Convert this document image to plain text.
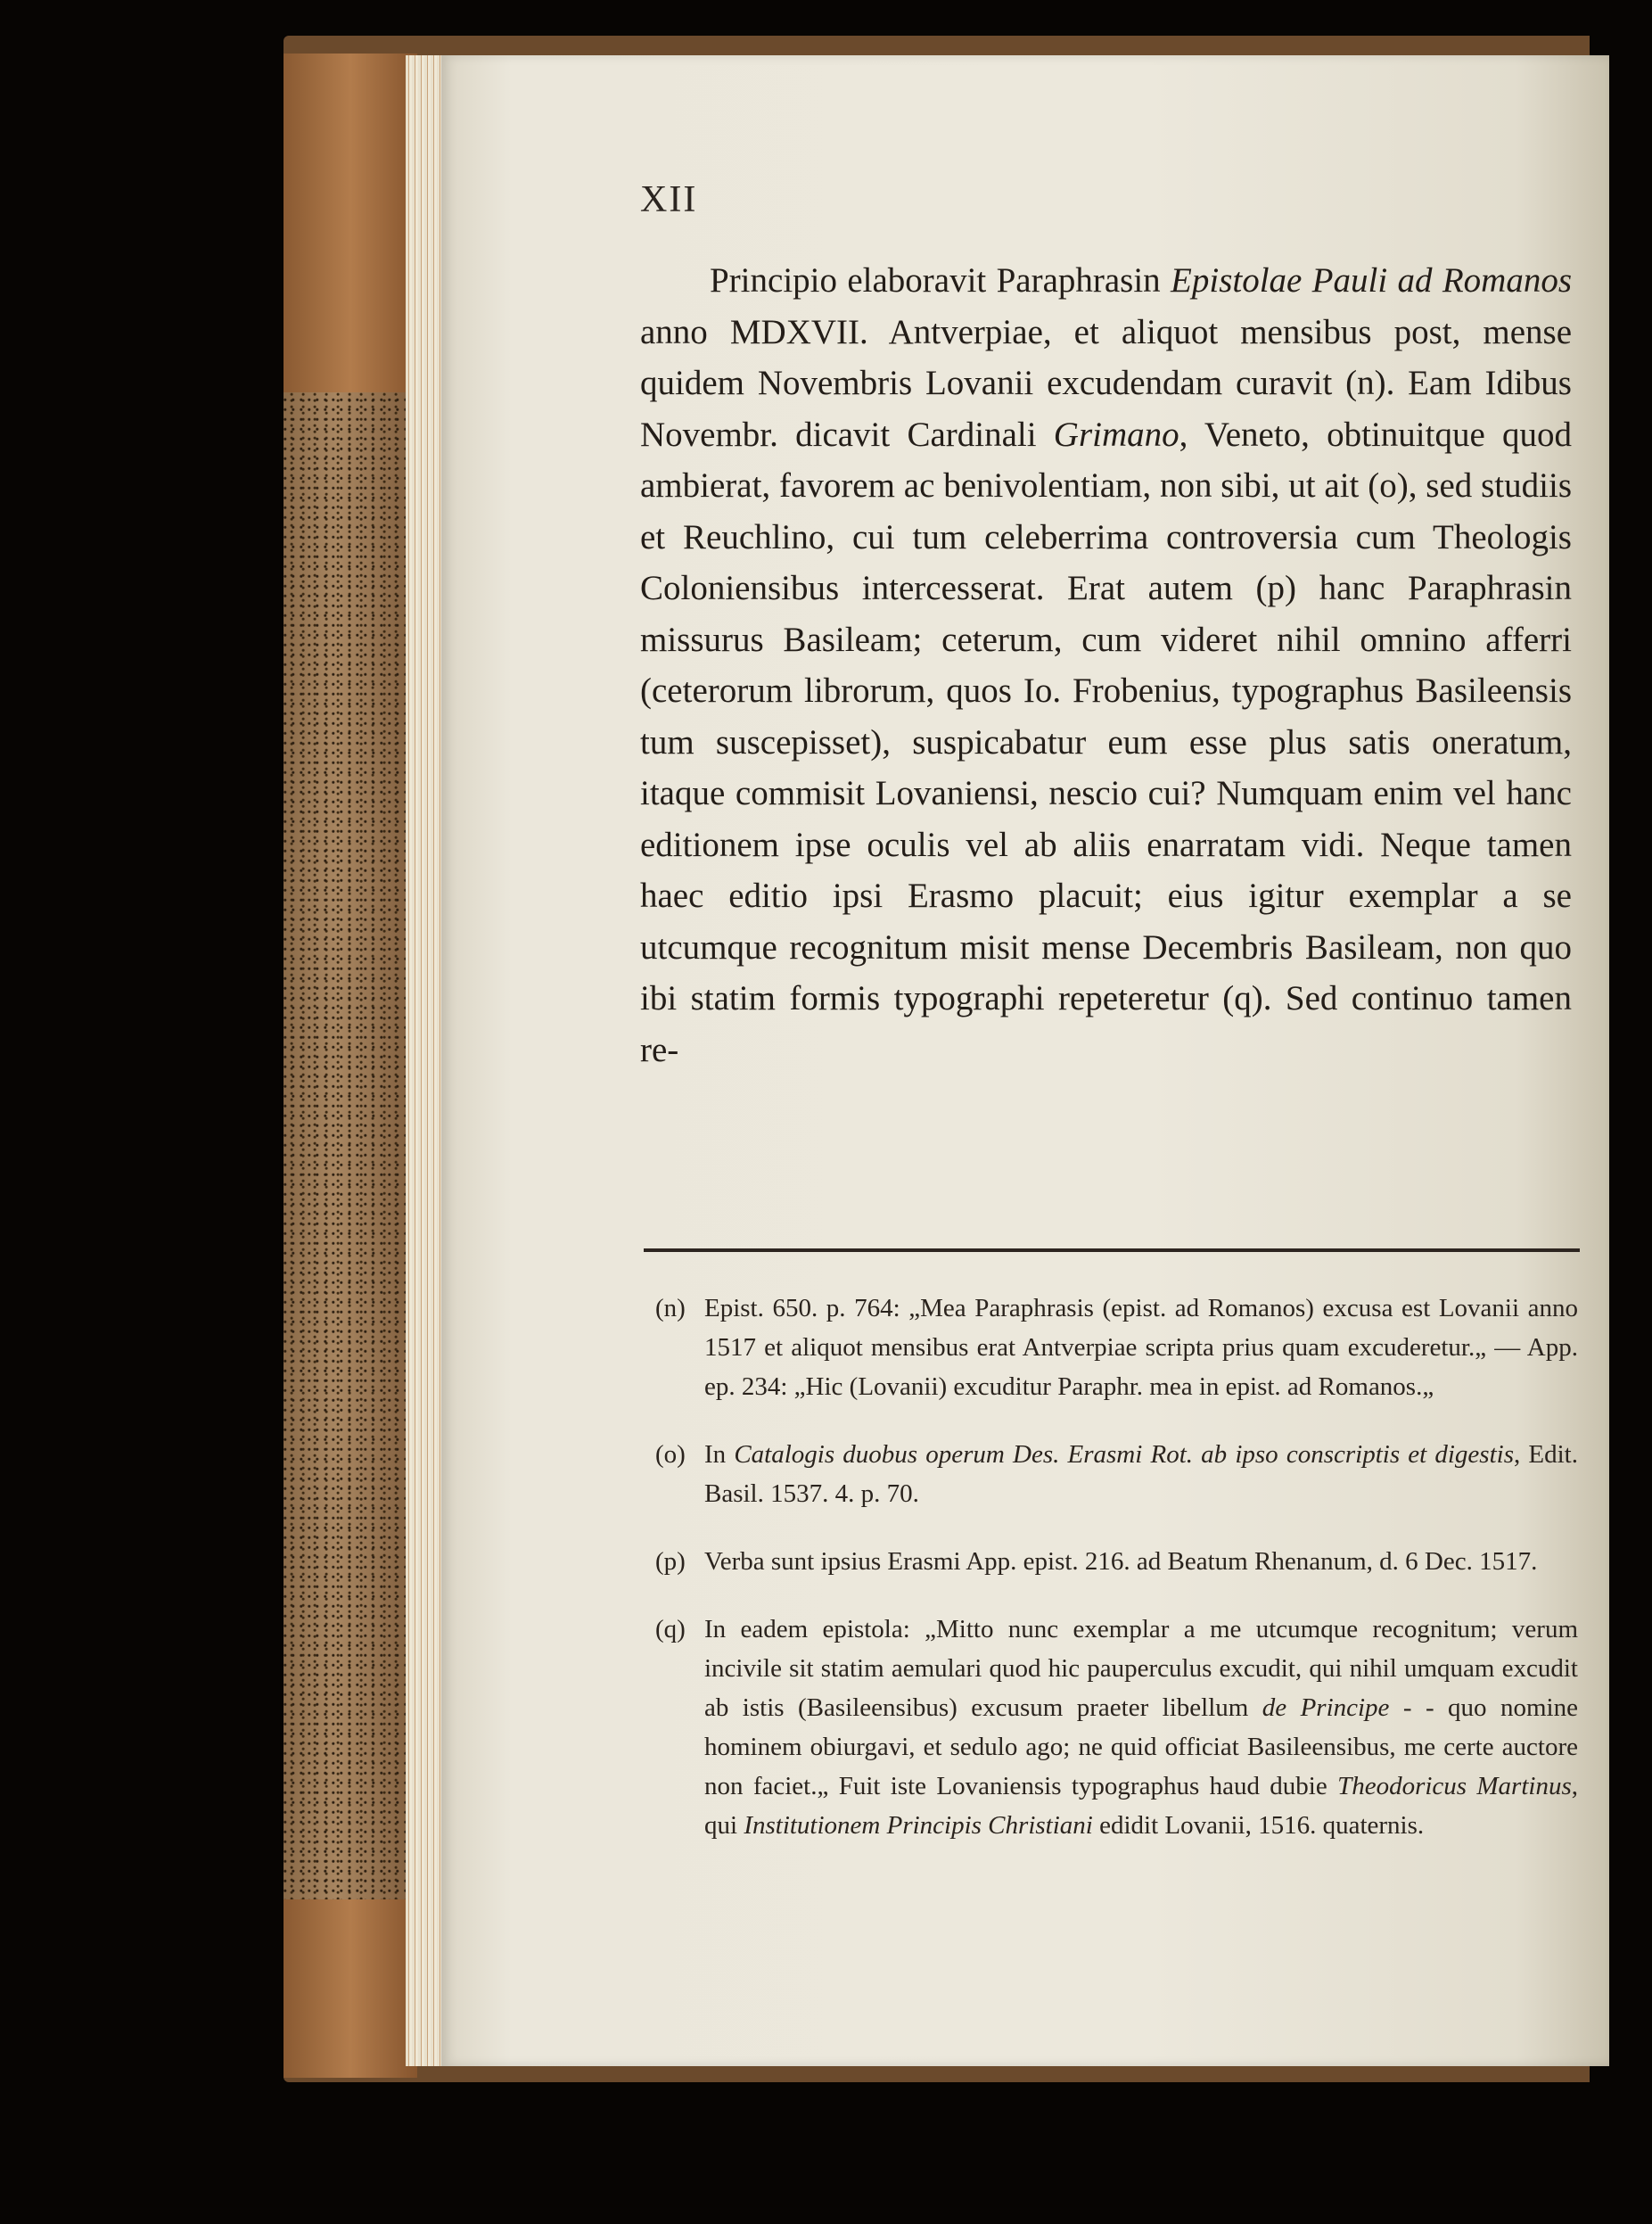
XII

Principio elaboravit Paraphrasin Epistolae Pauli ad Romanos anno MDXVII. Antverpiae, et aliquot mensibus post, mense quidem Novembris Lovanii excudendam curavit (n). Eam Idibus Novembr. dicavit Cardinali Grimano, Veneto, obtinuitque quod ambierat, favorem ac benivolentiam, non sibi, ut ait (o), sed studiis et Reuchlino, cui tum celeberrima controversia cum Theologis Coloniensibus intercesserat. Erat autem (p) hanc Paraphrasin missurus Basileam; ceterum, cum videret nihil omnino afferri (ceterorum librorum, quos Io. Frobenius, typographus Basileensis tum suscepisset), suspicabatur eum esse plus satis oneratum, itaque commisit Lovaniensi, nescio cui? Numquam enim vel hanc editionem ipse oculis vel ab aliis enarratam vidi. Neque tamen haec editio ipsi Erasmo placuit; eius igitur exemplar a se utcumque recognitum misit mense Decembris Basileam, non quo ibi statim formis typographi repeteretur (q). Sed continuo tamen re-

(n) Epist. 650. p. 764: „Mea Paraphrasis (epist. ad Romanos) excusa est Lovanii anno 1517 et aliquot mensibus erat Antverpiae scripta prius quam excuderetur.„ — App. ep. 234: „Hic (Lovanii) excuditur Paraphr. mea in epist. ad Romanos.„

(o) In Catalogis duobus operum Des. Erasmi Rot. ab ipso conscriptis et digestis, Edit. Basil. 1537. 4. p. 70.

(p) Verba sunt ipsius Erasmi App. epist. 216. ad Beatum Rhenanum, d. 6 Dec. 1517.

(q) In eadem epistola: „Mitto nunc exemplar a me utcumque recognitum; verum incivile sit statim aemulari quod hic pauperculus excudit, qui nihil umquam excudit ab istis (Basileensibus) excusum praeter libellum de Principe - - quo nomine hominem obiurgavi, et sedulo ago; ne quid officiat Basileensibus, me certe auctore non faciet.„ Fuit iste Lovaniensis typographus haud dubie Theodoricus Martinus, qui Institutionem Principis Christiani edidit Lovanii, 1516. quaternis.
